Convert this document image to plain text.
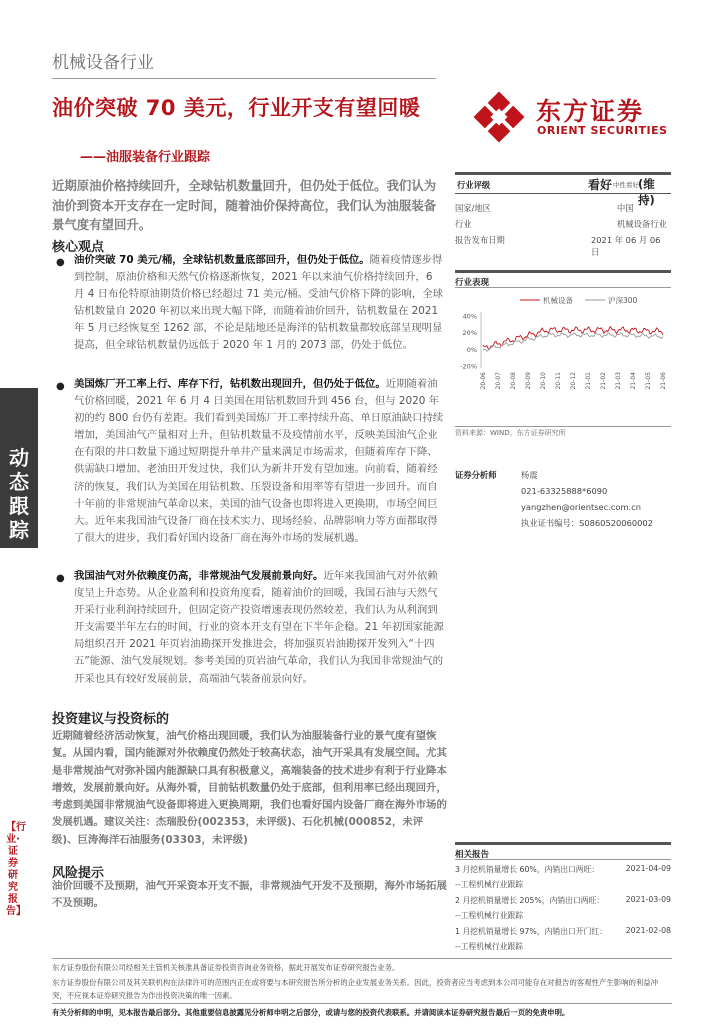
机械设备行业
油价突破 70 美元，行业开支有望回暖
——油服装备行业跟踪
东方证券
ORIENT SECURITIES
近期原油价格持续回升，全球钻机数量回升，但仍处于低位。我们认为油价到资本开支存在一定时间，随着油价保持高位，我们认为油服装备景气度有望回升。
核心观点
● 油价突破 70 美元/桶，全球钻机数量底部回升，但仍处于低位。随着疫情逐步得到控制，原油价格和天然气价格逐渐恢复，2021 年以来油气价格持续回升，6 月 4 日布伦特原油期货价格已经超过 71 美元/桶。受油气价格下降的影响，全球钻机数量自 2020 年初以来出现大幅下降，而随着油价回升，钻机数量在 2021 年 5 月已经恢复至 1262 部，不论是陆地还是海洋的钻机数量都较底部呈现明显提高，但全球钻机数量仍远低于 2020 年 1 月的 2073 部，仍处于低位。
● 美国炼厂开工率上行、库存下行，钻机数出现回升，但仍处于低位。近期随着油气价格回暖，2021 年 6 月 4 日美国在用钻机数回升到 456 台，但与 2020 年初的约 800 台仍有差距。我们看到美国炼厂开工率持续升高、单日原油缺口持续增加，美国油气产量相对上升，但钻机数量不及疫情前水平，反映美国油气企业在有限的井口数量下通过短期提升单井产量来满足市场需求，但随着库存下降、供需缺口增加、老油田开发过快，我们认为新井开发有望加速。向前看，随着经济的恢复，我们认为美国在用钻机数、压裂设备和用率等有望进一步回升。而自十年前的非常规油气革命以来，美国的油气设备也即将进入更换期，市场空间巨大。近年来我国油气设备厂商在技术实力、现场经验、品牌影响力等方面都取得了很大的进步，我们看好国内设备厂商在海外市场的发展机遇。
● 我国油气对外依赖度仍高，非常规油气发展前景向好。近年来我国油气对外依赖度呈上升态势。从企业盈利和投资角度看，随着油价的回暖，我国石油与天然气开采行业利润持续回升，但固定资产投资增速表现仍然较差，我们认为从利润到开支需要半年左右的时间，行业的资本开支有望在下半年企稳。21 年初国家能源局组织召开 2021 年页岩油勘探开发推进会，将加强页岩油勘探开发列入“十四五”能源、油气发展规划。参考美国的页岩油气革命，我们认为我国非常规油气的开采也具有较好发展前景，高端油气装备前景向好。
投资建议与投资标的
近期随着经济活动恢复，油气价格出现回暖，我们认为油服装备行业的景气度有望恢复。从国内看，国内能源对外依赖度仍然处于较高状态，油气开采具有发展空间。尤其是非常规油气对弥补国内能源缺口具有积极意义，高端装备的技术进步有利于行业降本增效，发展前景向好。从海外看，目前钻机数量仍处于底部，但利用率已经出现回升，考虑到美国非常规油气设备即将进入更换周期，我们也看好国内设备厂商在海外市场的发展机遇。建议关注：杰瑞股份(002353，未评级)、石化机械(000852，未评级)、巨涛海洋石油服务(03303，未评级)
风险提示
油价回暖不及预期，油气开采资本开支不振，非常规油气开发不及预期，海外市场拓展不及预期。
行业评级	看好 中性看好 (维持)
国家/地区	中国
行业	机械设备行业
报告发布日期	2021 年 06 月 06 日
行业表现
机械设备	沪深300
40%
20%
0%
-20%
20-06 20-07 20-08 20-09 20-10 20-11 20-12 21-01 21-02 21-03 21-04 21-05 21-06
资料来源：WIND、东方证券研究所
证券分析师	杨震
021-63325888*6090
yangzhen@orientsec.com.cn
执业证书编号：S0860520060002
相关报告
3 月挖机销量增长 60%，内销出口两旺：	2021-04-09
--工程机械行业跟踪
2 月挖机销量增长 205%，内销出口两旺：	2021-03-09
--工程机械行业跟踪
1 月挖机销量增长 97%，内销出口开门红： 2021-02-08
--工程机械行业跟踪
动态跟踪
【行业·证券研究报告】
东方证券股份有限公司经相关主管机关核准具备证券投资咨询业务资格，据此开展发布证券研究报告业务。
东方证券股份有限公司及其关联机构在法律许可的范围内正在或将要与本研究报告所分析的企业发展业务关系。因此，投资者应当考虑到本公司可能存在对报告的客观性产生影响的利益冲突，不应视本证券研究报告为作出投资决策的唯一因素。
有关分析师的申明，见本报告最后部分。其他重要信息披露见分析师申明之后部分，或请与您的投资代表联系。并请阅读本证券研究报告最后一页的免责申明。
